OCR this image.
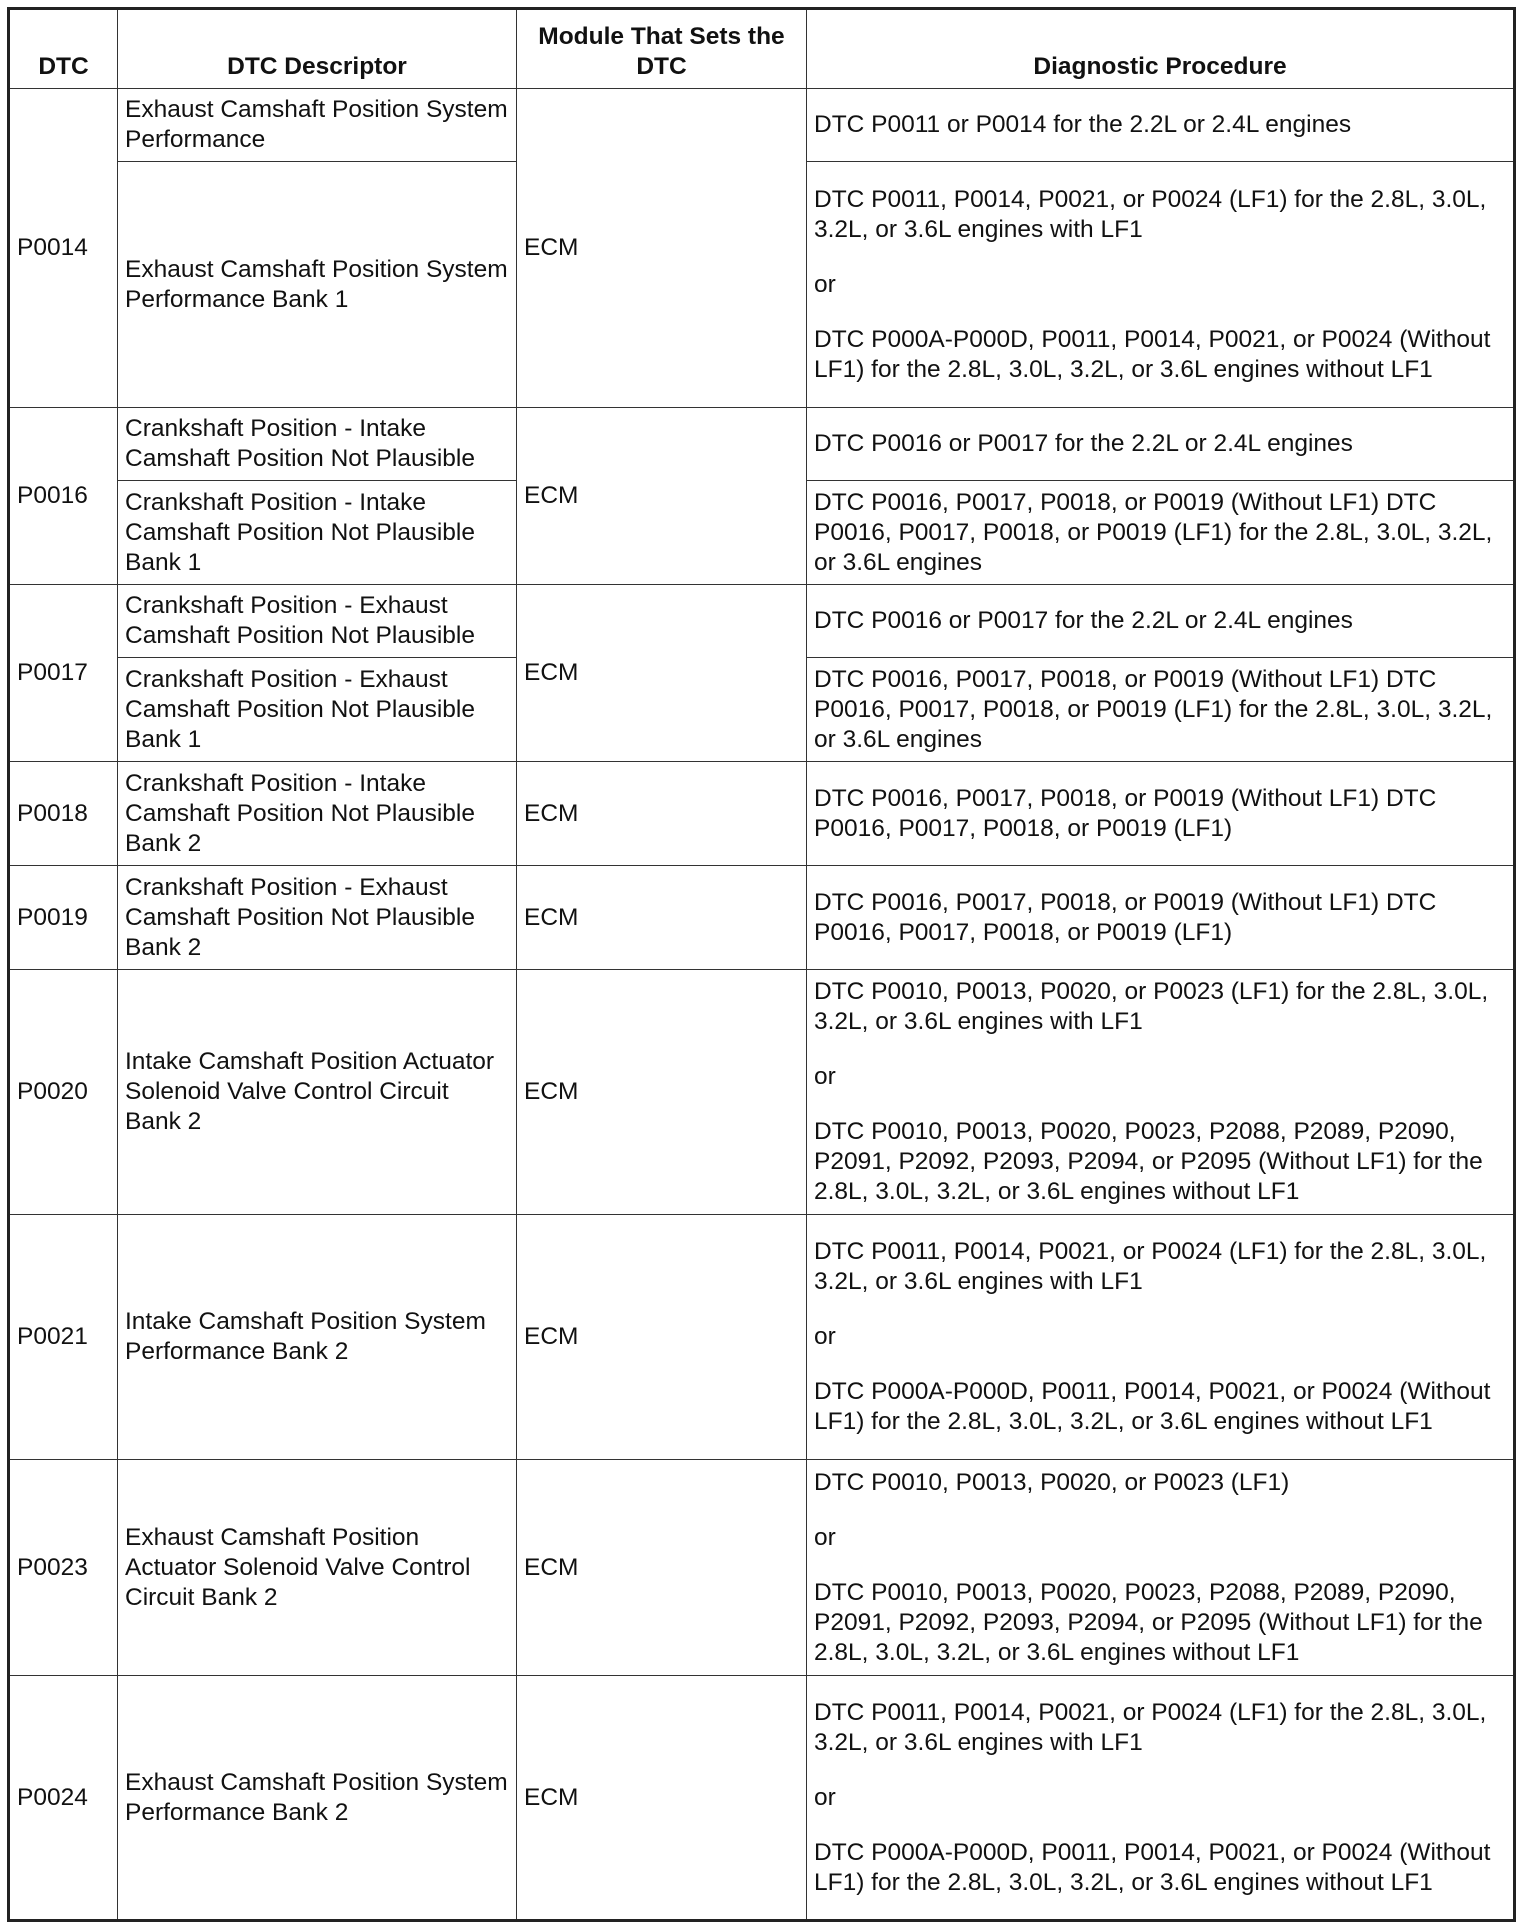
DTC	DTC Descriptor	Module That Sets the DTC	Diagnostic Procedure
P0014	Exhaust Camshaft Position System Performance	ECM	DTC P0011 or P0014 for the 2.2L or 2.4L engines

	Exhaust Camshaft Position System Performance Bank 1		DTC P0011, P0014, P0021, or P0024 (LF1) for the 2.8L, 3.0L, 3.2L, or 3.6L engines with LF1
or
DTC P000A-P000D, P0011, P0014, P0021, or P0024 (Without LF1) for the 2.8L, 3.0L, 3.2L, or 3.6L engines without LF1

P0016	Crankshaft Position - Intake Camshaft Position Not Plausible	ECM	DTC P0016 or P0017 for the 2.2L or 2.4L engines

	Crankshaft Position - Intake Camshaft Position Not Plausible Bank 1		DTC P0016, P0017, P0018, or P0019 (Without LF1) DTC P0016, P0017, P0018, or P0019 (LF1) for the 2.8L, 3.0L, 3.2L, or 3.6L engines

P0017	Crankshaft Position - Exhaust Camshaft Position Not Plausible	ECM	DTC P0016 or P0017 for the 2.2L or 2.4L engines

	Crankshaft Position - Exhaust Camshaft Position Not Plausible Bank 1		DTC P0016, P0017, P0018, or P0019 (Without LF1) DTC P0016, P0017, P0018, or P0019 (LF1) for the 2.8L, 3.0L, 3.2L, or 3.6L engines

P0018	Crankshaft Position - Intake Camshaft Position Not Plausible Bank 2	ECM	DTC P0016, P0017, P0018, or P0019 (Without LF1) DTC P0016, P0017, P0018, or P0019 (LF1)

P0019	Crankshaft Position - Exhaust Camshaft Position Not Plausible Bank 2	ECM	DTC P0016, P0017, P0018, or P0019 (Without LF1) DTC P0016, P0017, P0018, or P0019 (LF1)

P0020	Intake Camshaft Position Actuator Solenoid Valve Control Circuit Bank 2	ECM	DTC P0010, P0013, P0020, or P0023 (LF1) for the 2.8L, 3.0L, 3.2L, or 3.6L engines with LF1
or
DTC P0010, P0013, P0020, P0023, P2088, P2089, P2090, P2091, P2092, P2093, P2094, or P2095 (Without LF1) for the 2.8L, 3.0L, 3.2L, or 3.6L engines without LF1

P0021	Intake Camshaft Position System Performance Bank 2	ECM	DTC P0011, P0014, P0021, or P0024 (LF1) for the 2.8L, 3.0L, 3.2L, or 3.6L engines with LF1
or
DTC P000A-P000D, P0011, P0014, P0021, or P0024 (Without LF1) for the 2.8L, 3.0L, 3.2L, or 3.6L engines without LF1

P0023	Exhaust Camshaft Position Actuator Solenoid Valve Control Circuit Bank 2	ECM	DTC P0010, P0013, P0020, or P0023 (LF1)
or
DTC P0010, P0013, P0020, P0023, P2088, P2089, P2090, P2091, P2092, P2093, P2094, or P2095 (Without LF1) for the 2.8L, 3.0L, 3.2L, or 3.6L engines without LF1

P0024	Exhaust Camshaft Position System Performance Bank 2	ECM	DTC P0011, P0014, P0021, or P0024 (LF1) for the 2.8L, 3.0L, 3.2L, or 3.6L engines with LF1
or
DTC P000A-P000D, P0011, P0014, P0021, or P0024 (Without LF1) for the 2.8L, 3.0L, 3.2L, or 3.6L engines without LF1
